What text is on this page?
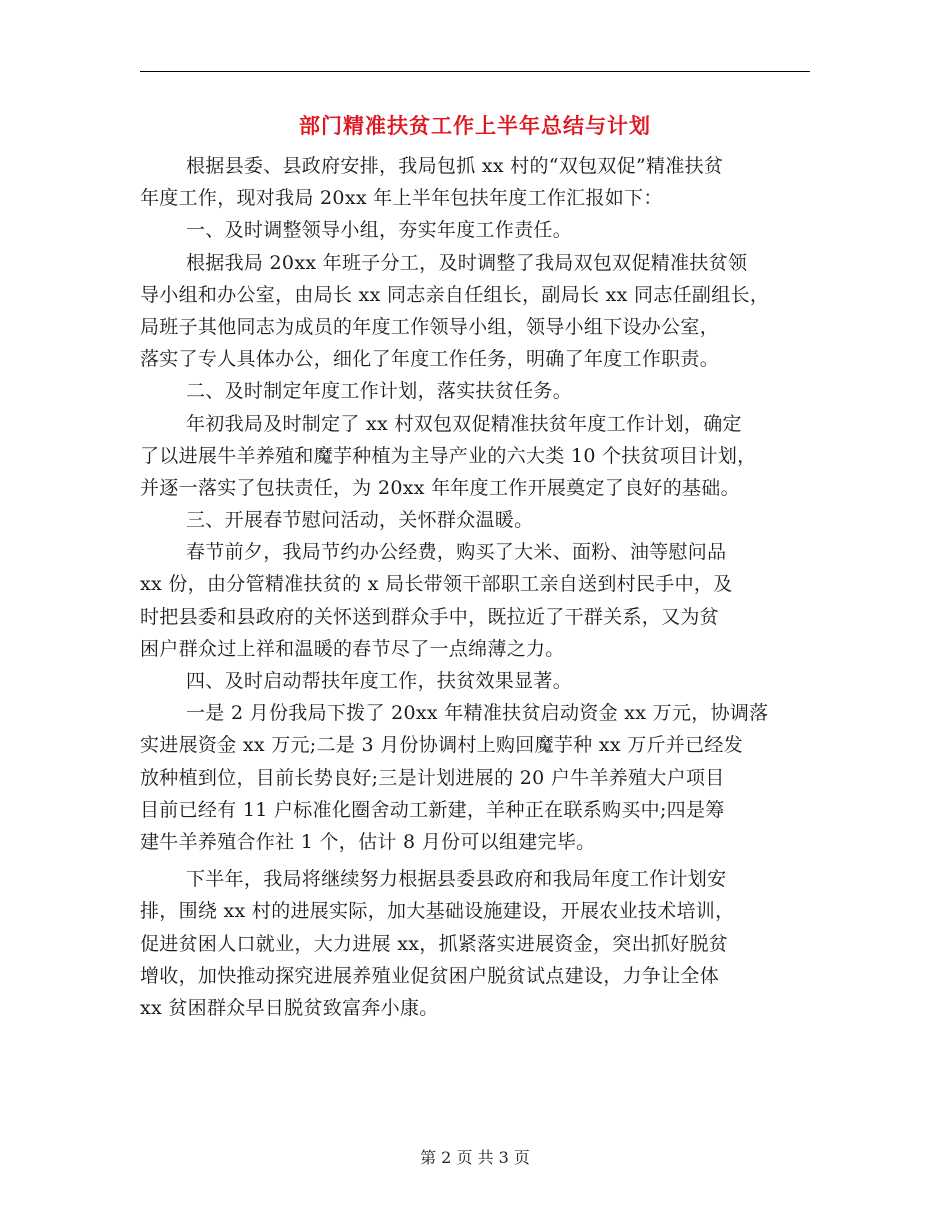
部门精准扶贫工作上半年总结与计划
根据县委、县政府安排，我局包抓 xx 村的“双包双促”精准扶贫
年度工作，现对我局 20xx 年上半年包扶年度工作汇报如下：
一、及时调整领导小组，夯实年度工作责任。
根据我局 20xx 年班子分工，及时调整了我局双包双促精准扶贫领
导小组和办公室，由局长 xx 同志亲自任组长，副局长 xx 同志任副组长，
局班子其他同志为成员的年度工作领导小组，领导小组下设办公室，
落实了专人具体办公，细化了年度工作任务，明确了年度工作职责。
二、及时制定年度工作计划，落实扶贫任务。
年初我局及时制定了 xx 村双包双促精准扶贫年度工作计划，确定
了以进展牛羊养殖和魔芋种植为主导产业的六大类 10 个扶贫项目计划，
并逐一落实了包扶责任，为 20xx 年年度工作开展奠定了良好的基础。
三、开展春节慰问活动，关怀群众温暖。
春节前夕，我局节约办公经费，购买了大米、面粉、油等慰问品
xx 份，由分管精准扶贫的 x 局长带领干部职工亲自送到村民手中，及
时把县委和县政府的关怀送到群众手中，既拉近了干群关系，又为贫
困户群众过上祥和温暖的春节尽了一点绵薄之力。
四、及时启动帮扶年度工作，扶贫效果显著。
一是 2 月份我局下拨了 20xx 年精准扶贫启动资金 xx 万元，协调落
实进展资金 xx 万元;二是 3 月份协调村上购回魔芋种 xx 万斤并已经发
放种植到位，目前长势良好;三是计划进展的 20 户牛羊养殖大户项目
目前已经有 11 户标准化圈舍动工新建，羊种正在联系购买中;四是筹
建牛羊养殖合作社 1 个，估计 8 月份可以组建完毕。
下半年，我局将继续努力根据县委县政府和我局年度工作计划安
排，围绕 xx 村的进展实际，加大基础设施建设，开展农业技术培训，
促进贫困人口就业，大力进展 xx，抓紧落实进展资金，突出抓好脱贫
增收，加快推动探究进展养殖业促贫困户脱贫试点建设，力争让全体
xx 贫困群众早日脱贫致富奔小康。
第 2 页 共 3 页
